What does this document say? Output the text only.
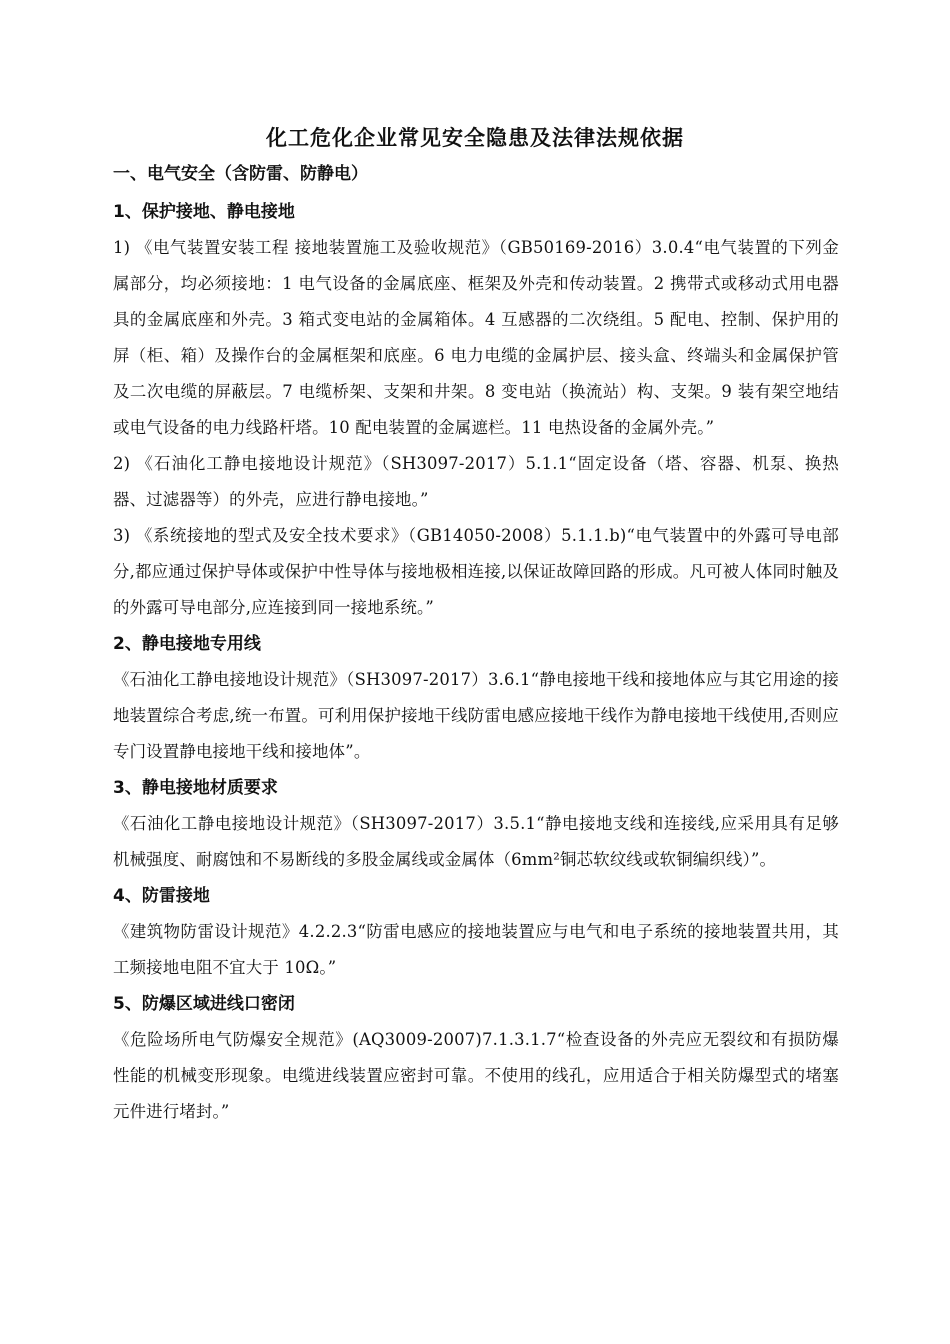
化工危化企业常见安全隐患及法律法规依据
一、电气安全（含防雷、防静电）
1、保护接地、静电接地
1) 《电气装置安装工程 接地装置施工及验收规范》（GB50169-2016）3.0.4“电气装置的下列金属部分，均必须接地：1 电气设备的金属底座、框架及外壳和传动装置。2 携带式或移动式用电器具的金属底座和外壳。3 箱式变电站的金属箱体。4 互感器的二次绕组。5 配电、控制、保护用的屏（柜、箱）及操作台的金属框架和底座。6 电力电缆的金属护层、接头盒、终端头和金属保护管及二次电缆的屏蔽层。7 电缆桥架、支架和井架。8 变电站（换流站）构、支架。9 装有架空地结或电气设备的电力线路杆塔。10 配电装置的金属遮栏。11 电热设备的金属外壳。”
2) 《石油化工静电接地设计规范》（SH3097-2017）5.1.1“固定设备（塔、容器、机泵、换热器、过滤器等）的外壳，应进行静电接地。”
3) 《系统接地的型式及安全技术要求》（GB14050-2008）5.1.1.b)“电气装置中的外露可导电部分,都应通过保护导体或保护中性导体与接地极相连接,以保证故障回路的形成。凡可被人体同时触及的外露可导电部分,应连接到同一接地系统。”
2、静电接地专用线
《石油化工静电接地设计规范》（SH3097-2017）3.6.1“静电接地干线和接地体应与其它用途的接地装置综合考虑,统一布置。可利用保护接地干线防雷电感应接地干线作为静电接地干线使用,否则应专门设置静电接地干线和接地体”。
3、静电接地材质要求
《石油化工静电接地设计规范》（SH3097-2017）3.5.1“静电接地支线和连接线,应采用具有足够机械强度、耐腐蚀和不易断线的多股金属线或金属体（6mm²铜芯软纹线或软铜编织线）”。
4、防雷接地
《建筑物防雷设计规范》4.2.2.3“防雷电感应的接地装置应与电气和电子系统的接地装置共用，其工频接地电阻不宜大于 10Ω。”
5、防爆区域进线口密闭
《危险场所电气防爆安全规范》(AQ3009-2007)7.1.3.1.7“检查设备的外壳应无裂纹和有损防爆性能的机械变形现象。电缆进线装置应密封可靠。不使用的线孔，应用适合于相关防爆型式的堵塞元件进行堵封。”
